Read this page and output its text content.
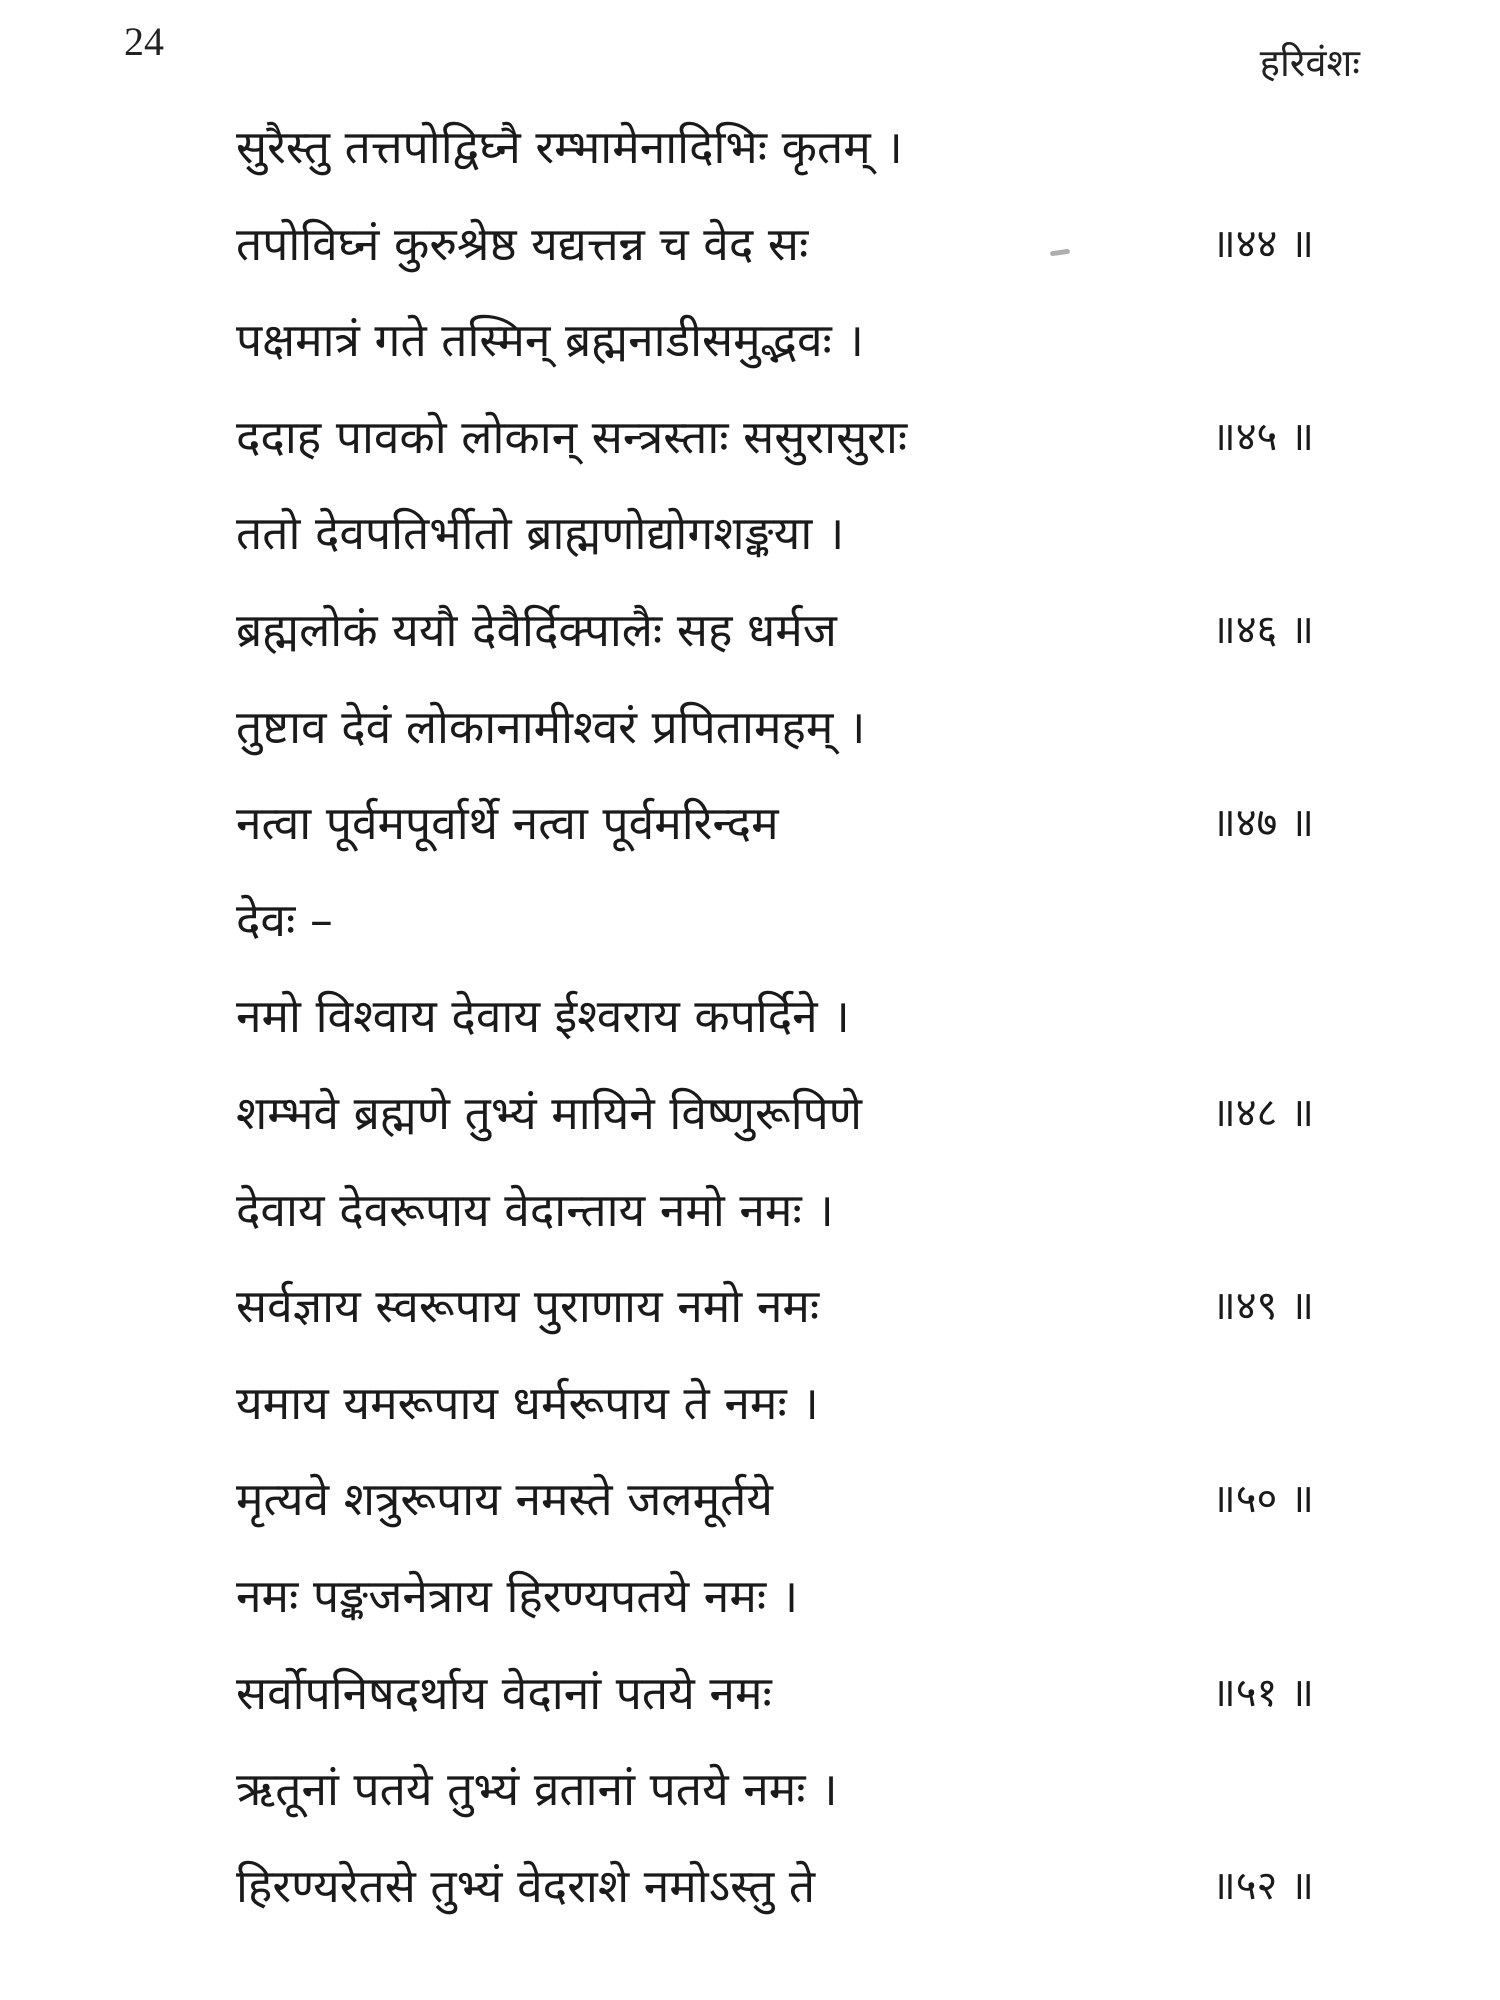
24	हरिवंशः
सुरैस्तु तत्तपोद्विघ्नै रम्भामेनादिभिः कृतम् ।
तपोविघ्नं कुरुश्रेष्ठ यद्यत्तन्न च वेद सः	॥४४ ॥
पक्षमात्रं गते तस्मिन् ब्रह्मनाडीसमुद्भवः ।
ददाह पावको लोकान् सन्त्रस्ताः ससुरासुराः	॥४५ ॥
ततो देवपतिर्भीतो ब्राह्मणोद्योगशङ्कया ।
ब्रह्मलोकं ययौ देवैर्दिक्पालैः सह धर्मज	॥४६ ॥
तुष्टाव देवं लोकानामीश्वरं प्रपितामहम् ।
नत्वा पूर्वमपूर्वार्थे नत्वा पूर्वमरिन्दम	॥४७ ॥
देवः –
नमो विश्वाय देवाय ईश्वराय कपर्दिने ।
शम्भवे ब्रह्मणे तुभ्यं मायिने विष्णुरूपिणे	॥४८ ॥
देवाय देवरूपाय वेदान्ताय नमो नमः ।
सर्वज्ञाय स्वरूपाय पुराणाय नमो नमः	॥४९ ॥
यमाय यमरूपाय धर्मरूपाय ते नमः ।
मृत्यवे शत्रुरूपाय नमस्ते जलमूर्तये	॥५० ॥
नमः पङ्कजनेत्राय हिरण्यपतये नमः ।
सर्वोपनिषदर्थाय वेदानां पतये नमः	॥५१ ॥
ऋतूनां पतये तुभ्यं व्रतानां पतये नमः ।
हिरण्यरेतसे तुभ्यं वेदराशे नमोऽस्तु ते	॥५२ ॥
